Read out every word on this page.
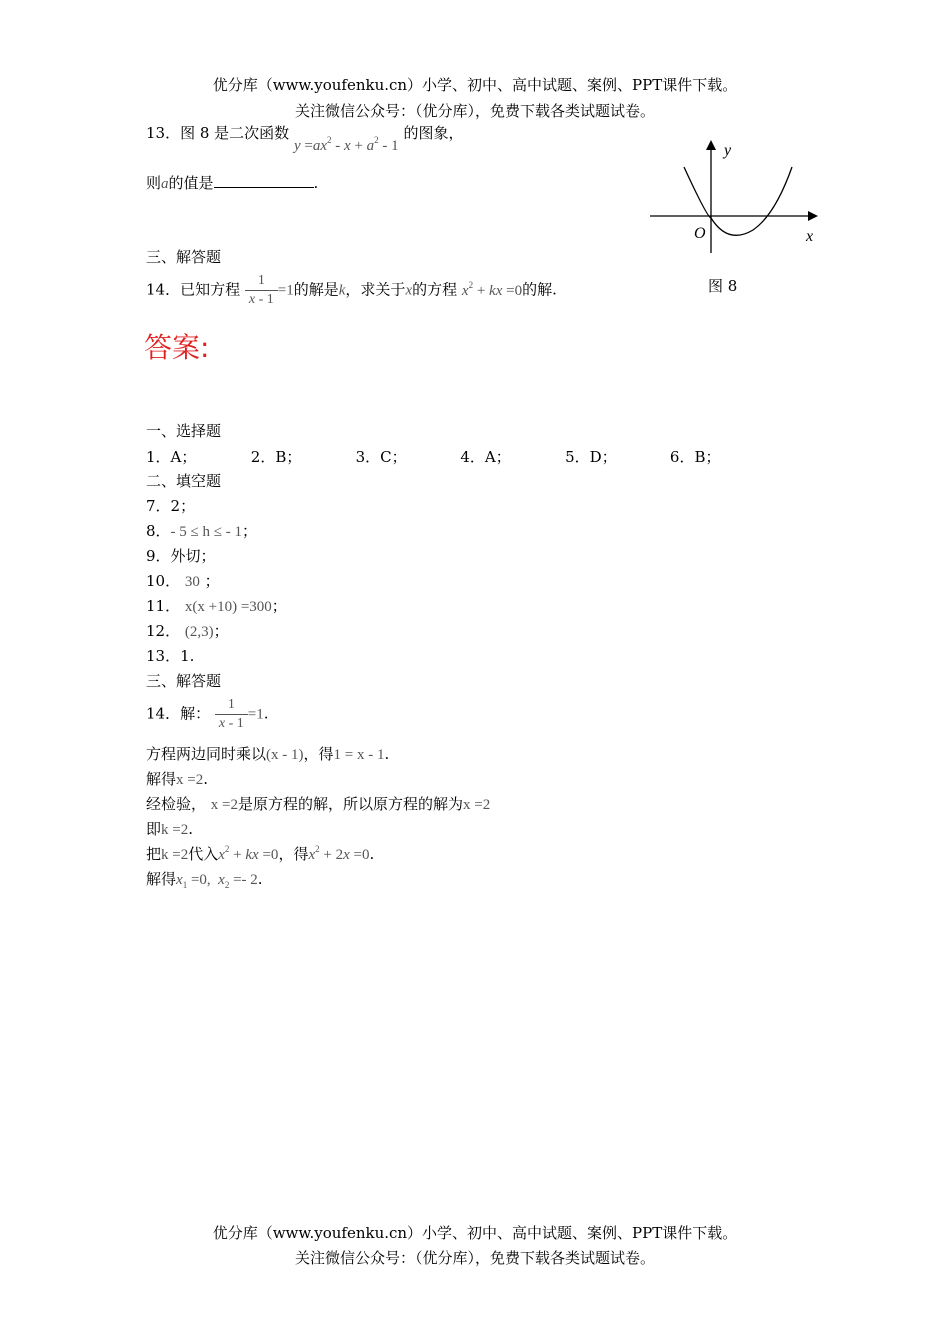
优分库（www.youfenku.cn）小学、初中、高中试题、案例、PPT课件下载。
关注微信公众号：（优分库），免费下载各类试题试卷。
13．图 8 是二次函数 $y =ax^2 - x + a^2 - 1$ 的图象，
则a的值是	.
y
O	x
图 8
三、解答题
14．已知方程 $\frac{1}{x - 1} =1$的解是k，求关于x的方程 $x^2$ + kx =0的解.
答案:
一、选择题
1．A；	2．B；	3．C；	4．A；	5．D；	6．B；
二、填空题
7．2；
8．- 5 ≤ h ≤ - 1；
9．外切；
10． 30 ；
11． x(x +10) =300；
12． (2,3)；
13．1.
三、解答题
14．解： $\frac{1}{x - 1} =1$.
方程两边同时乘以(x - 1)，得1 = x - 1.
解得x =2.
经检验， x =2是原方程的解，所以原方程的解为x =2
即k =2.
把k =2代入$x^2$ + kx =0，得$x^2 + 2x =0$.
解得$x_1 =0$,  $x_2 =- 2$.
优分库（www.youfenku.cn）小学、初中、高中试题、案例、PPT课件下载。
关注微信公众号：（优分库），免费下载各类试题试卷。
